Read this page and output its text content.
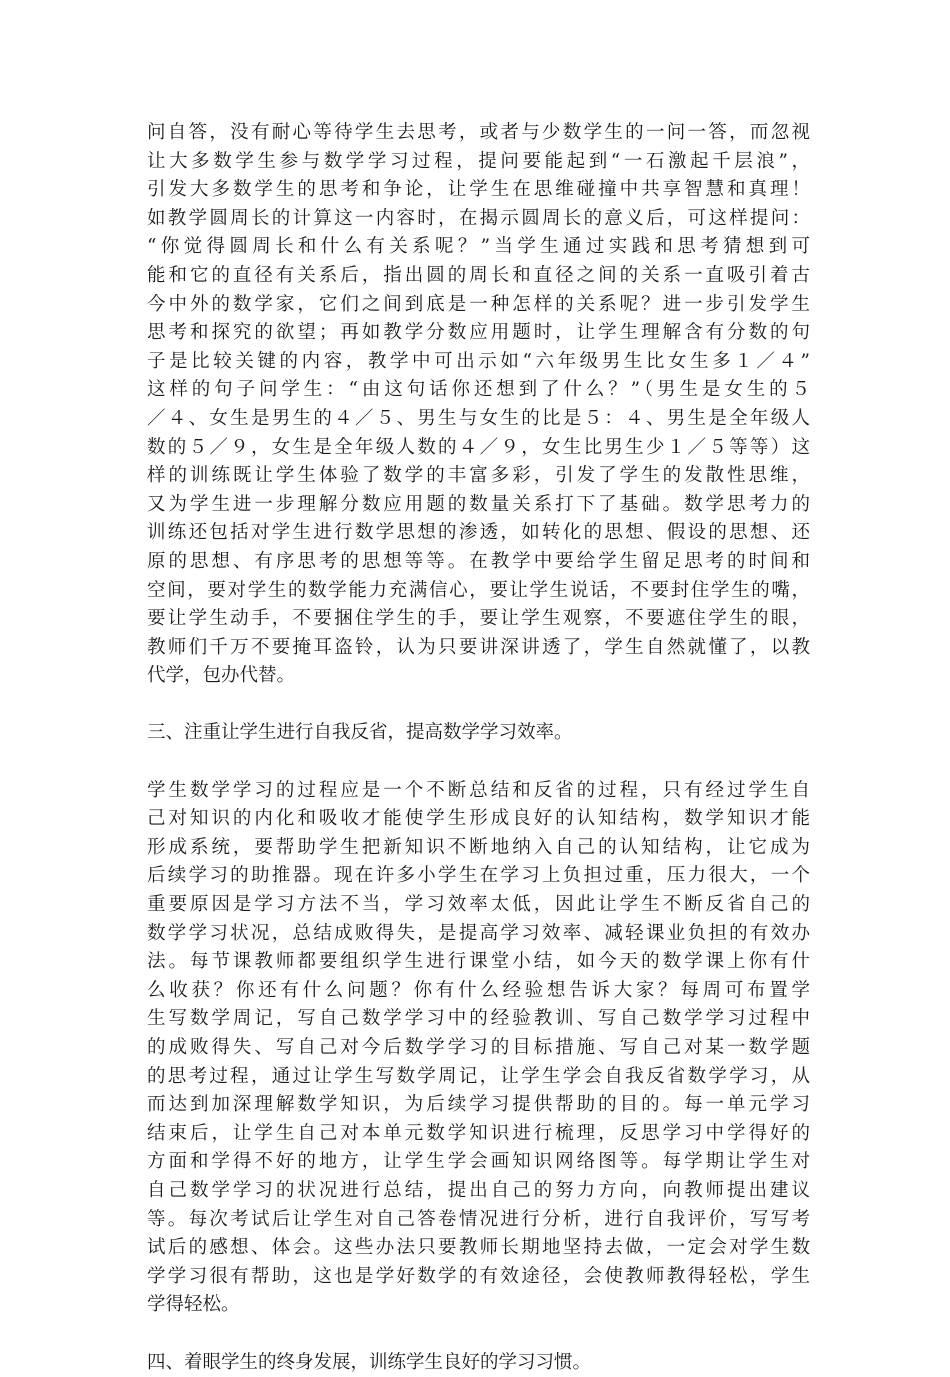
问自答，没有耐心等待学生去思考，或者与少数学生的一问一答，而忽视
让大多数学生参与数学学习过程，提问要能起到“一石激起千层浪”，
引发大多数学生的思考和争论，让学生在思维碰撞中共享智慧和真理！
如教学圆周长的计算这一内容时，在揭示圆周长的意义后，可这样提问：
“你觉得圆周长和什么有关系呢？”当学生通过实践和思考猜想到可
能和它的直径有关系后，指出圆的周长和直径之间的关系一直吸引着古
今中外的数学家，它们之间到底是一种怎样的关系呢？进一步引发学生
思考和探究的欲望；再如教学分数应用题时，让学生理解含有分数的句
子是比较关键的内容，教学中可出示如“六年级男生比女生多１／４”
这样的句子问学生：“由这句话你还想到了什么？”（男生是女生的５
／４、女生是男生的４／５、男生与女生的比是５：４、男生是全年级人
数的５／９，女生是全年级人数的４／９，女生比男生少１／５等等）这
样的训练既让学生体验了数学的丰富多彩，引发了学生的发散性思维，
又为学生进一步理解分数应用题的数量关系打下了基础。数学思考力的
训练还包括对学生进行数学思想的渗透，如转化的思想、假设的思想、还
原的思想、有序思考的思想等等。在教学中要给学生留足思考的时间和
空间，要对学生的数学能力充满信心，要让学生说话，不要封住学生的嘴，
要让学生动手，不要捆住学生的手，要让学生观察，不要遮住学生的眼，
教师们千万不要掩耳盗铃，认为只要讲深讲透了，学生自然就懂了，以教
代学，包办代替。
三、注重让学生进行自我反省，提高数学学习效率。
学生数学学习的过程应是一个不断总结和反省的过程，只有经过学生自
己对知识的内化和吸收才能使学生形成良好的认知结构，数学知识才能
形成系统，要帮助学生把新知识不断地纳入自己的认知结构，让它成为
后续学习的助推器。现在许多小学生在学习上负担过重，压力很大，一个
重要原因是学习方法不当，学习效率太低，因此让学生不断反省自己的
数学学习状况，总结成败得失，是提高学习效率、减轻课业负担的有效办
法。每节课教师都要组织学生进行课堂小结，如今天的数学课上你有什
么收获？你还有什么问题？你有什么经验想告诉大家？每周可布置学
生写数学周记，写自己数学学习中的经验教训、写自己数学学习过程中
的成败得失、写自己对今后数学学习的目标措施、写自己对某一数学题
的思考过程，通过让学生写数学周记，让学生学会自我反省数学学习，从
而达到加深理解数学知识，为后续学习提供帮助的目的。每一单元学习
结束后，让学生自己对本单元数学知识进行梳理，反思学习中学得好的
方面和学得不好的地方，让学生学会画知识网络图等。每学期让学生对
自己数学学习的状况进行总结，提出自己的努力方向，向教师提出建议
等。每次考试后让学生对自己答卷情况进行分析，进行自我评价，写写考
试后的感想、体会。这些办法只要教师长期地坚持去做，一定会对学生数
学学习很有帮助，这也是学好数学的有效途径，会使教师教得轻松，学生
学得轻松。
四、着眼学生的终身发展，训练学生良好的学习习惯。
